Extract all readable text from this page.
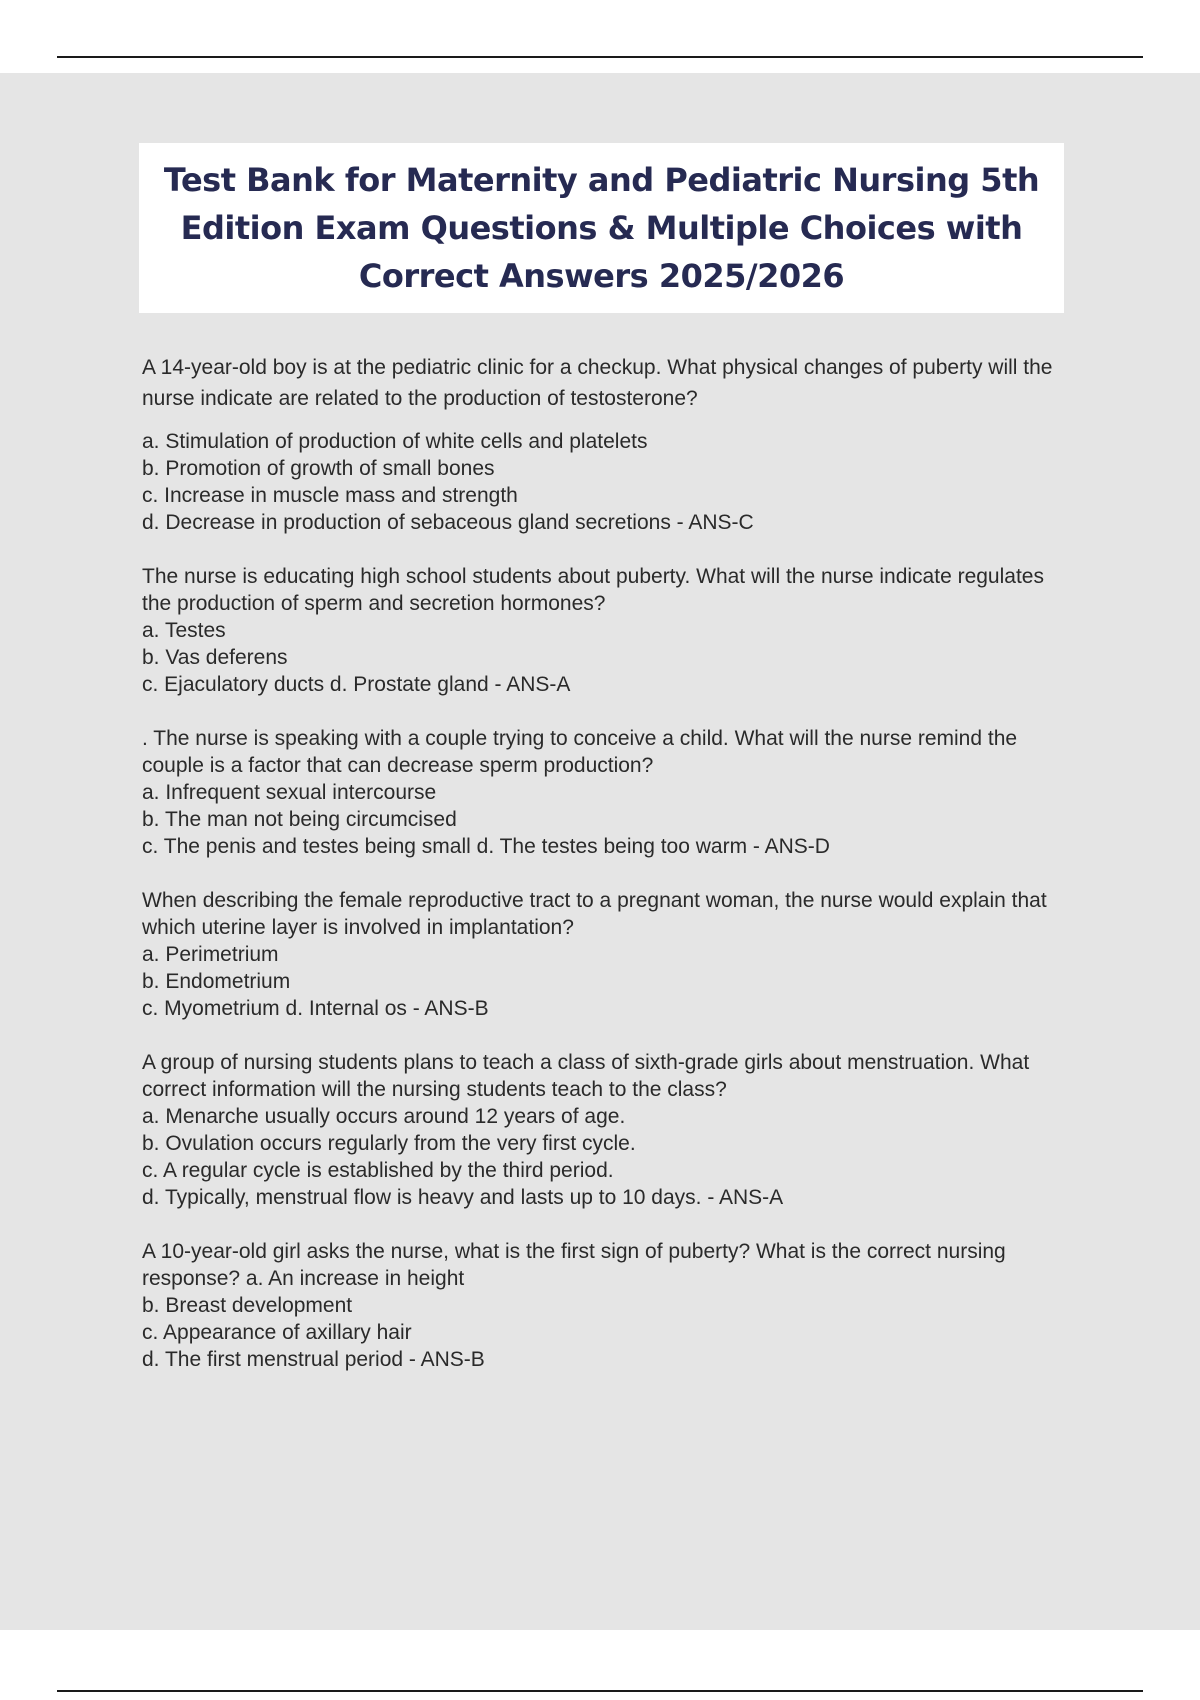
Test Bank for Maternity and Pediatric Nursing 5th Edition Exam Questions & Multiple Choices with Correct Answers 2025/2026

A 14-year-old boy is at the pediatric clinic for a checkup. What physical changes of puberty will the nurse indicate are related to the production of testosterone?

a. Stimulation of production of white cells and platelets

b. Promotion of growth of small bones

c. Increase in muscle mass and strength

d. Decrease in production of sebaceous gland secretions - ANS-C

The nurse is educating high school students about puberty. What will the nurse indicate regulates the production of sperm and secretion hormones?

a. Testes

b. Vas deferens

c. Ejaculatory ducts d. Prostate gland - ANS-A

. The nurse is speaking with a couple trying to conceive a child. What will the nurse remind the couple is a factor that can decrease sperm production?

a. Infrequent sexual intercourse

b. The man not being circumcised

c. The penis and testes being small d. The testes being too warm - ANS-D

When describing the female reproductive tract to a pregnant woman, the nurse would explain that which uterine layer is involved in implantation?

a. Perimetrium

b. Endometrium

c. Myometrium d. Internal os - ANS-B

A group of nursing students plans to teach a class of sixth-grade girls about menstruation. What correct information will the nursing students teach to the class?

a. Menarche usually occurs around 12 years of age.

b. Ovulation occurs regularly from the very first cycle.

c. A regular cycle is established by the third period.

d. Typically, menstrual flow is heavy and lasts up to 10 days. - ANS-A

A 10-year-old girl asks the nurse, what is the first sign of puberty? What is the correct nursing response? a. An increase in height

b. Breast development

c. Appearance of axillary hair

d. The first menstrual period - ANS-B
